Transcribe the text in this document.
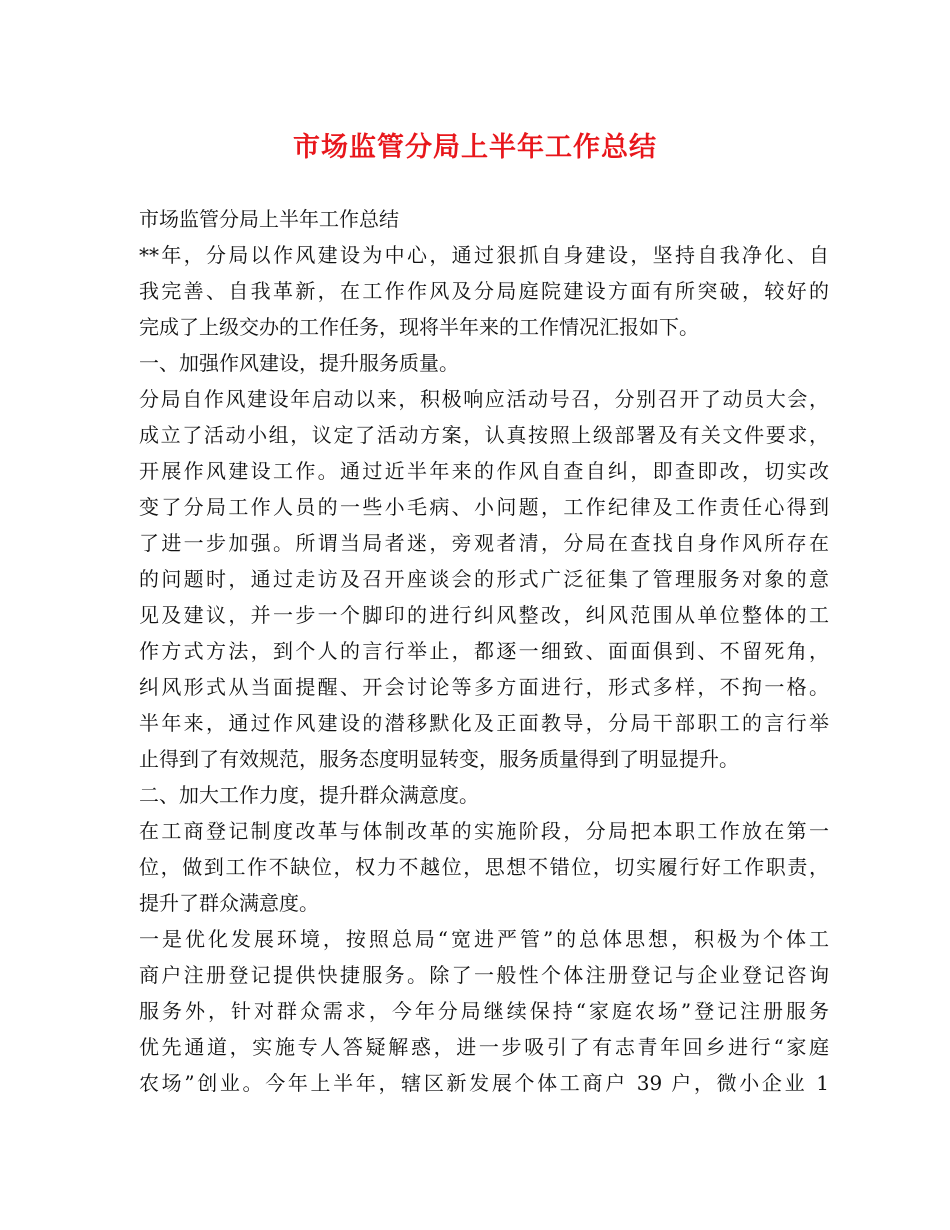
市场监管分局上半年工作总结
市场监管分局上半年工作总结
**年，分局以作风建设为中心，通过狠抓自身建设，坚持自我净化、自
我完善、自我革新，在工作作风及分局庭院建设方面有所突破，较好的
完成了上级交办的工作任务，现将半年来的工作情况汇报如下。
一、加强作风建设，提升服务质量。
分局自作风建设年启动以来，积极响应活动号召，分别召开了动员大会，
成立了活动小组，议定了活动方案，认真按照上级部署及有关文件要求，
开展作风建设工作。通过近半年来的作风自查自纠，即查即改，切实改
变了分局工作人员的一些小毛病、小问题，工作纪律及工作责任心得到
了进一步加强。所谓当局者迷，旁观者清，分局在查找自身作风所存在
的问题时，通过走访及召开座谈会的形式广泛征集了管理服务对象的意
见及建议，并一步一个脚印的进行纠风整改，纠风范围从单位整体的工
作方式方法，到个人的言行举止，都逐一细致、面面俱到、不留死角，
纠风形式从当面提醒、开会讨论等多方面进行，形式多样，不拘一格。
半年来，通过作风建设的潜移默化及正面教导，分局干部职工的言行举
止得到了有效规范，服务态度明显转变，服务质量得到了明显提升。
二、加大工作力度，提升群众满意度。
在工商登记制度改革与体制改革的实施阶段，分局把本职工作放在第一
位，做到工作不缺位，权力不越位，思想不错位，切实履行好工作职责，
提升了群众满意度。
一是优化发展环境，按照总局“宽进严管”的总体思想，积极为个体工
商户注册登记提供快捷服务。除了一般性个体注册登记与企业登记咨询
服务外，针对群众需求，今年分局继续保持“家庭农场”登记注册服务
优先通道，实施专人答疑解惑，进一步吸引了有志青年回乡进行“家庭
农场”创业。今年上半年，辖区新发展个体工商户 39 户，微小企业 1
